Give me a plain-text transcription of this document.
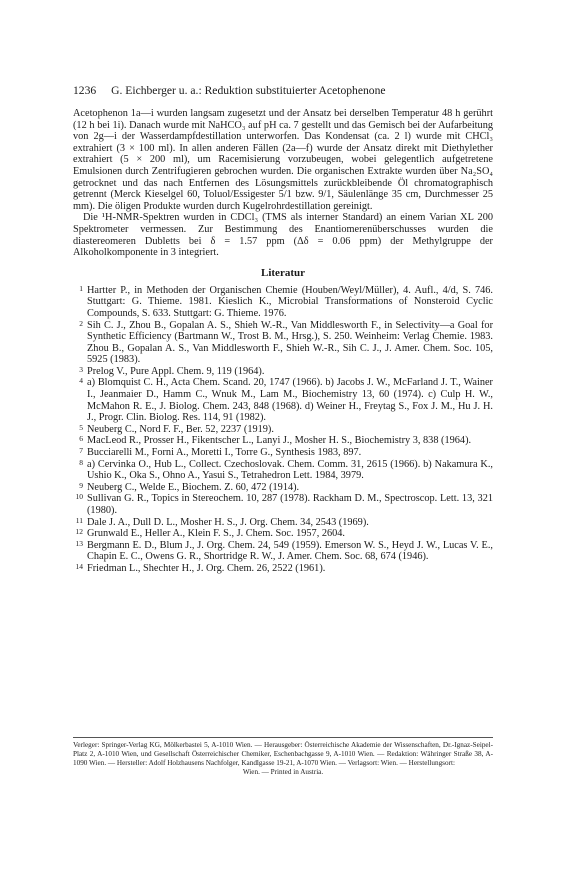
1236 G. Eichberger u. a.: Reduktion substituierter Acetophenone

Acetophenon 1a—i wurden langsam zugesetzt und der Ansatz bei derselben Temperatur 48 h gerührt (12 h bei 1i). Danach wurde mit NaHCO₃ auf pH ca. 7 gestellt und das Gemisch bei der Aufarbeitung von 2g—i der Wasserdampfdestillation unterworfen. Das Kondensat (ca. 2 l) wurde mit CHCl₃ extrahiert (3 × 100 ml). In allen anderen Fällen (2a—f) wurde der Ansatz direkt mit Diethylether extrahiert (5 × 200 ml), um Racemisierung vorzubeugen, wobei gelegentlich aufgetretene Emulsionen durch Zentrifugieren gebrochen wurden. Die organischen Extrakte wurden über Na₂SO₄ getrocknet und das nach Entfernen des Lösungsmittels zurückbleibende Öl chromatographisch getrennt (Merck Kieselgel 60, Toluol/Essigester 5/1 bzw. 9/1, Säulenlänge 35 cm, Durchmesser 25 mm). Die öligen Produkte wurden durch Kugelrohrdestillation gereinigt.

Die ¹H-NMR-Spektren wurden in CDCl₃ (TMS als interner Standard) an einem Varian XL 200 Spektrometer vermessen. Zur Bestimmung des Enantiomerenüberschusses wurden die diastereomeren Dubletts bei δ = 1.57 ppm (Δδ = 0.06 ppm) der Methylgruppe der Alkoholkomponente in 3 integriert.

Literatur
1 Hartter P., in Methoden der Organischen Chemie (Houben/Weyl/Müller), 4. Aufl., 4/d, S. 746. Stuttgart: G. Thieme. 1981. Kieslich K., Microbial Transformations of Nonsteroid Cyclic Compounds, S. 633. Stuttgart: G. Thieme. 1976.
2 Sih C. J., Zhou B., Gopalan A. S., Shieh W.-R., Van Middlesworth F., in Selectivity—a Goal for Synthetic Efficiency (Bartmann W., Trost B. M., Hrsg.), S. 250. Weinheim: Verlag Chemie. 1983. Zhou B., Gopalan A. S., Van Middlesworth F., Shieh W.-R., Sih C. J., J. Amer. Chem. Soc. 105, 5925 (1983).
3 Prelog V., Pure Appl. Chem. 9, 119 (1964).
4 a) Blomquist C. H., Acta Chem. Scand. 20, 1747 (1966). b) Jacobs J. W., McFarland J. T., Wainer I., Jeanmaier D., Hamm C., Wnuk M., Lam M., Biochemistry 13, 60 (1974). c) Culp H. W., McMahon R. E., J. Biolog. Chem. 243, 848 (1968). d) Weiner H., Freytag S., Fox J. M., Hu J. H. J., Progr. Clin. Biolog. Res. 114, 91 (1982).
5 Neuberg C., Nord F. F., Ber. 52, 2237 (1919).
6 MacLeod R., Prosser H., Fikentscher L., Lanyi J., Mosher H. S., Biochemistry 3, 838 (1964).
7 Bucciarelli M., Forni A., Moretti I., Torre G., Synthesis 1983, 897.
8 a) Cervinka O., Hub L., Collect. Czechoslovak. Chem. Comm. 31, 2615 (1966). b) Nakamura K., Ushio K., Oka S., Ohno A., Yasui S., Tetrahedron Lett. 1984, 3979.
9 Neuberg C., Welde E., Biochem. Z. 60, 472 (1914).
10 Sullivan G. R., Topics in Stereochem. 10, 287 (1978). Rackham D. M., Spectroscop. Lett. 13, 321 (1980).
11 Dale J. A., Dull D. L., Mosher H. S., J. Org. Chem. 34, 2543 (1969).
12 Grunwald E., Heller A., Klein F. S., J. Chem. Soc. 1957, 2604.
13 Bergmann E. D., Blum J., J. Org. Chem. 24, 549 (1959). Emerson W. S., Heyd J. W., Lucas V. E., Chapin E. C., Owens G. R., Shortridge R. W., J. Amer. Chem. Soc. 68, 674 (1946).
14 Friedman L., Shechter H., J. Org. Chem. 26, 2522 (1961).
Verleger: Springer-Verlag KG, Mölkerbastei 5, A-1010 Wien. — Herausgeber: Österreichische Akademie der Wissenschaften, Dr.-Ignaz-Seipel-Platz 2, A-1010 Wien, und Gesellschaft Österreichischer Chemiker, Eschenbachgasse 9, A-1010 Wien. — Redaktion: Währinger Straße 38, A-1090 Wien. — Hersteller: Adolf Holzhausens Nachfolger, Kandlgasse 19-21, A-1070 Wien. — Verlagsort: Wien. — Herstellungsort:
Wien. — Printed in Austria.
